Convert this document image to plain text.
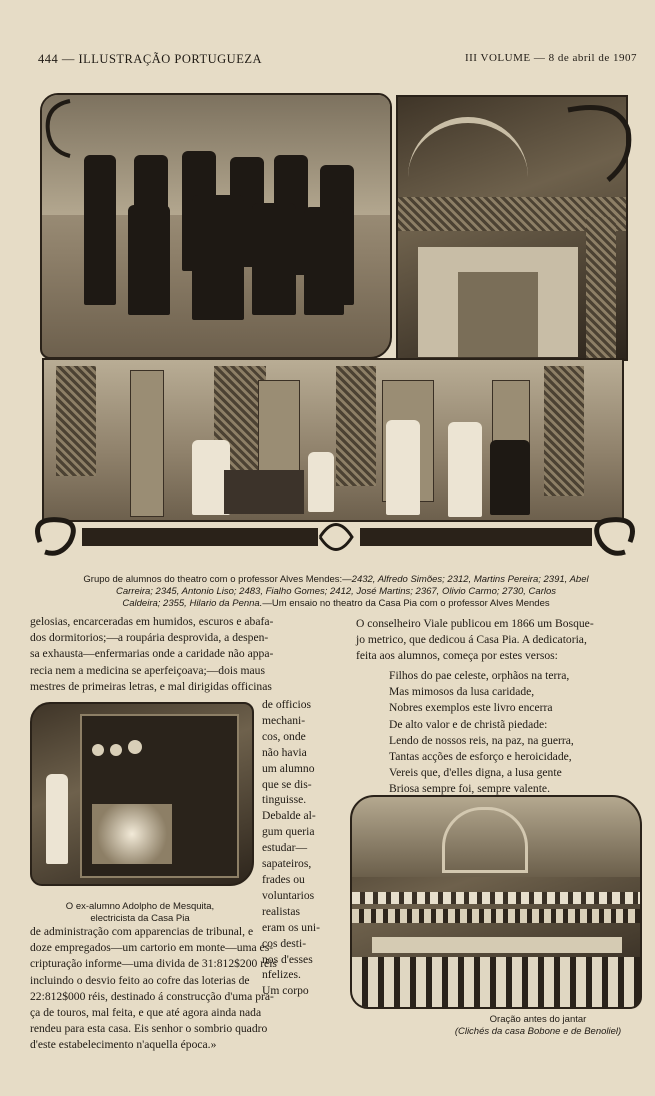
444 — ILLUSTRAÇÃO PORTUGUEZA	III VOLUME — 8 de abril de 1907
Grupo de alumnos do theatro com o professor Alves Mendes:—2432, Alfredo Simões; 2312, Martins Pereira; 2391, Abel
Carreira; 2345, Antonio Liso; 2483, Fialho Gomes; 2412, José Martins; 2367, Olivio Carmo; 2730, Carlos
Caldeira; 2355, Hilario da Penna.—Um ensaio no theatro da Casa Pia com o professor Alves Mendes
gelosias, encarceradas em humidos, escuros e abafa-
dos dormitorios;—a roupária desprovida, a despen-
sa exhausta—enfermarias onde a caridade não appa-
recia nem a medicina se aperfeiçoava;—dois maus
mestres de primeiras letras, e mal dirigidas officinas
O ex-alumno Adolpho de Mesquita,
electricista da Casa Pia
de officios
mechani-
cos, onde
não havia
um alumno
que se dis-
tinguisse.
Debalde al-
gum queria
estudar—
sapateiros,
frades ou
voluntarios
realistas
eram os uni-
cos desti-
nos d'esses
nfelizes.
Um corpo
de administração com apparencias de tribunal, e
doze empregados—um cartorio em monte—uma es-
cripturação informe—uma divida de 31:812$200 réis
incluindo o desvio feito ao cofre das loterias de
22:812$000 réis, destinado á construcção d'uma pra-
ça de touros, mal feita, e que até agora ainda nada
rendeu para esta casa. Eis senhor o sombrio quadro
d'este estabelecimento n'aquella época.»
O conselheiro Viale publicou em 1866 um Bosque-
jo metrico, que dedicou á Casa Pia. A dedicatoria,
feita aos alumnos, começa por estes versos:
Filhos do pae celeste, orphãos na terra,
Mas mimosos da lusa caridade,
Nobres exemplos este livro encerra
De alto valor e de christã piedade:
Lendo de nossos reis, na paz, na guerra,
Tantas acções de esforço e heroicidade,
Vereis que, d'elles digna, a lusa gente
Briosa sempre foi, sempre valente.
Oração antes do jantar
(Clichés da casa Bobone e de Benoliel)
